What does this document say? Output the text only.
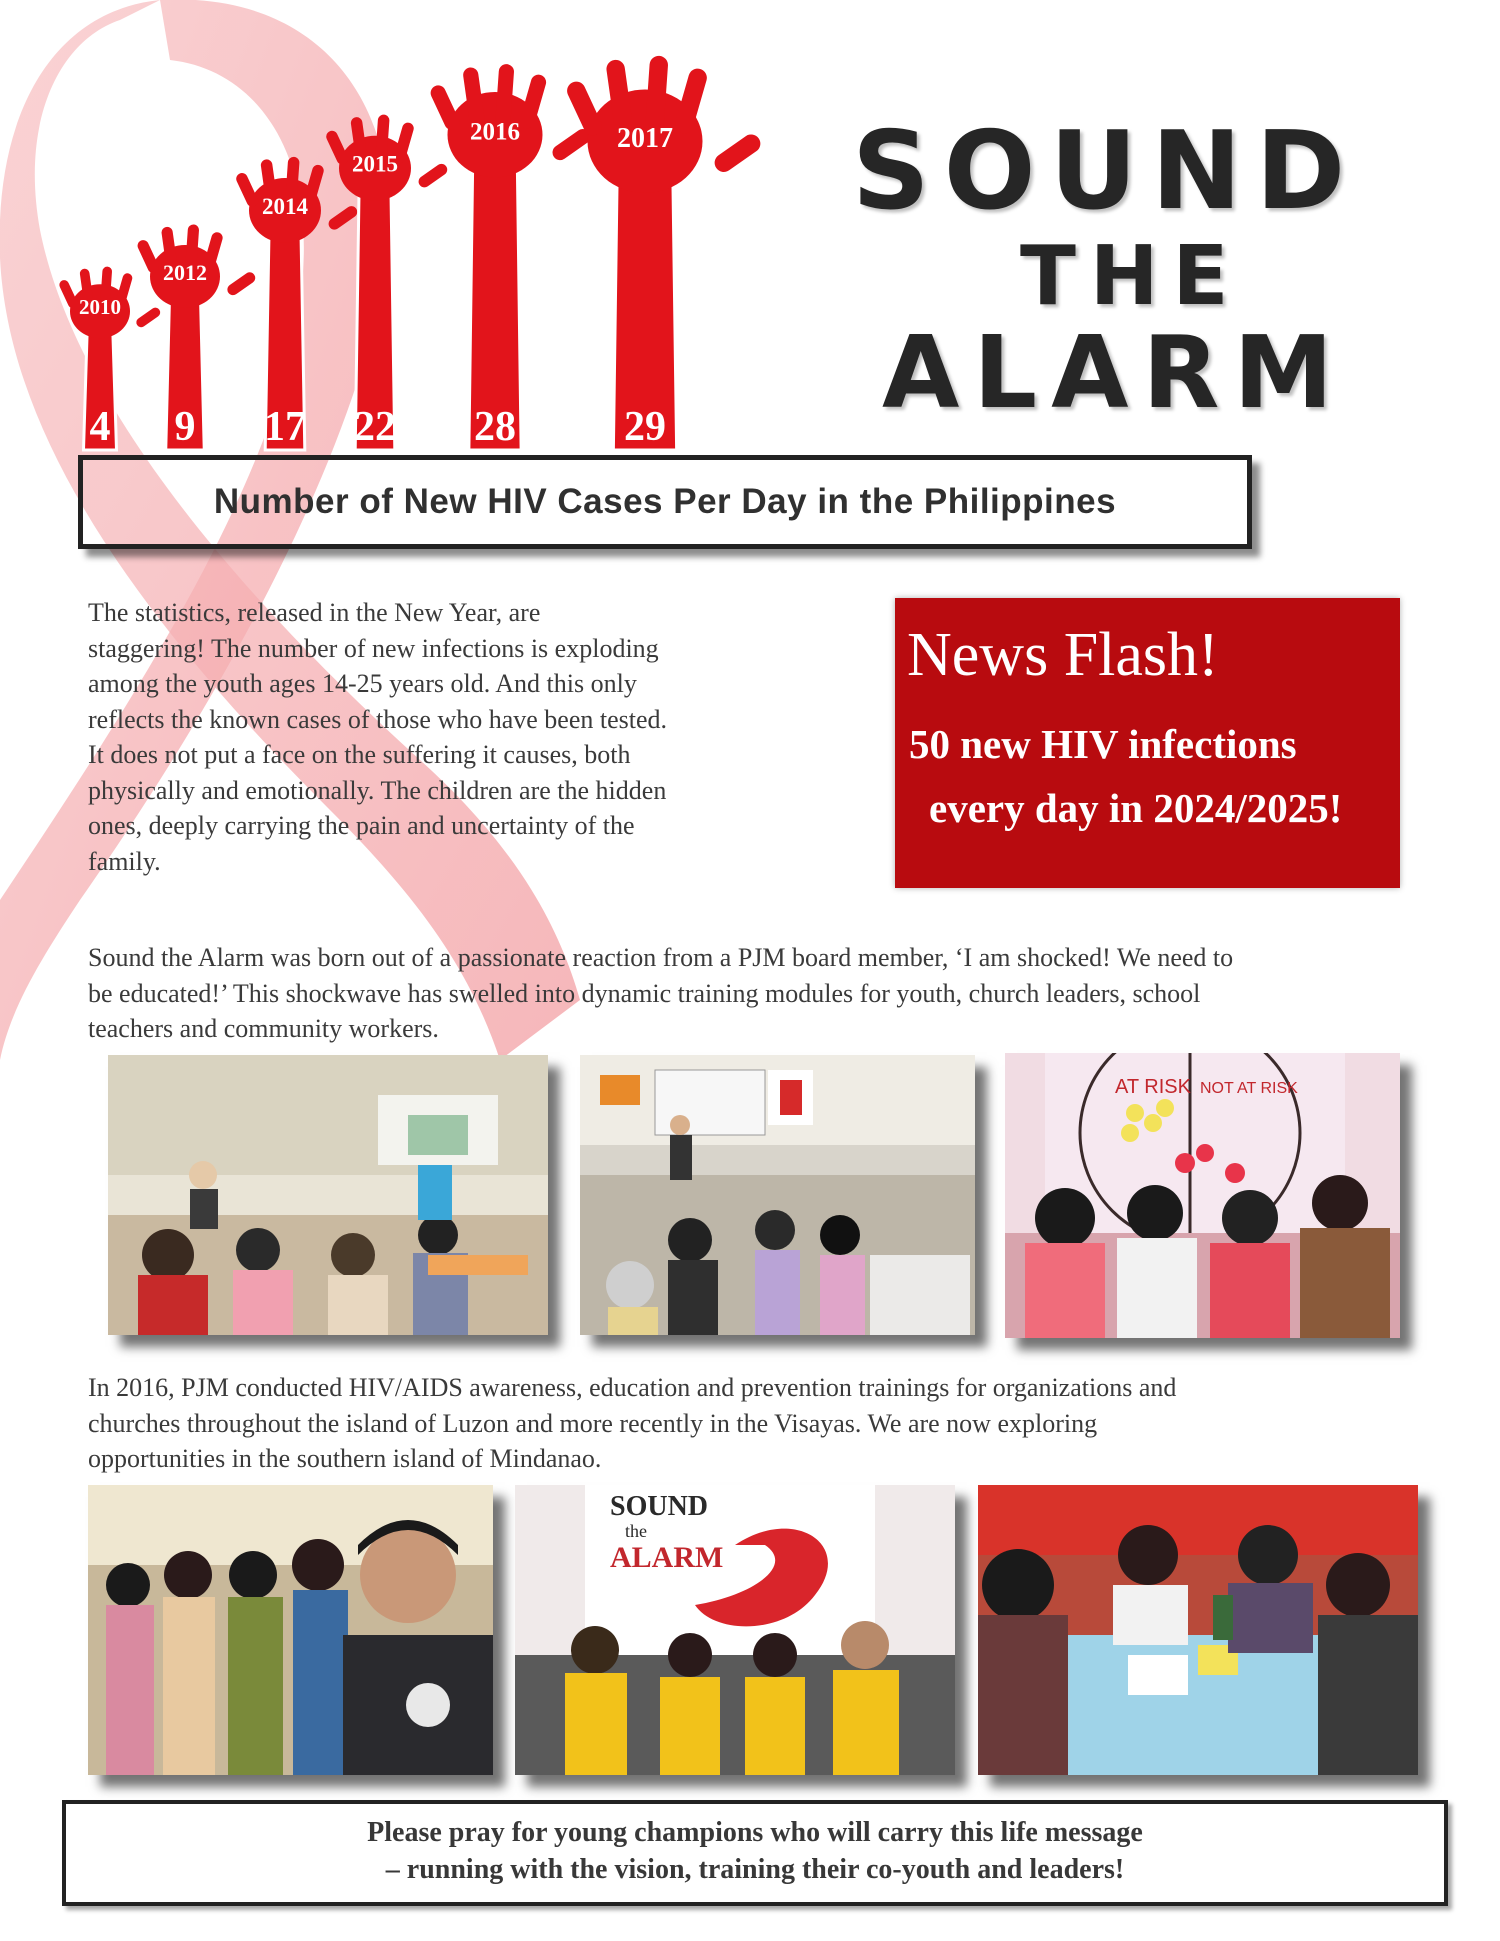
2010
4
2012
9
2014
17
2015
22
2016
28
2017
29
SOUND
THE
ALARM
Number of New HIV Cases Per Day in the Philippines
The statistics, released in the New Year, are
staggering! The number of new infections is exploding
among the youth ages 14-25 years old. And this only
reflects the known cases of those who have been tested.
It does not put a face on the suffering it causes, both
physically and emotionally. The children are the hidden
ones, deeply carrying the pain and uncertainty of the
family.
News Flash!
50 new HIV infections
every day in 2024/2025!
Sound the Alarm was born out of a passionate reaction from a PJM board member, ‘I am shocked! We need to
be educated!’ This shockwave has swelled into dynamic training modules for youth, church leaders, school
teachers and community workers.
AT RISK NOT AT RISK
In 2016, PJM conducted HIV/AIDS awareness, education and prevention trainings for organizations and
churches throughout the island of Luzon and more recently in the Visayas. We are now exploring
opportunities in the southern island of Mindanao.
SOUND
the
ALARM
Please pray for young champions who will carry this life message
– running with the vision, training their co-youth and leaders!
